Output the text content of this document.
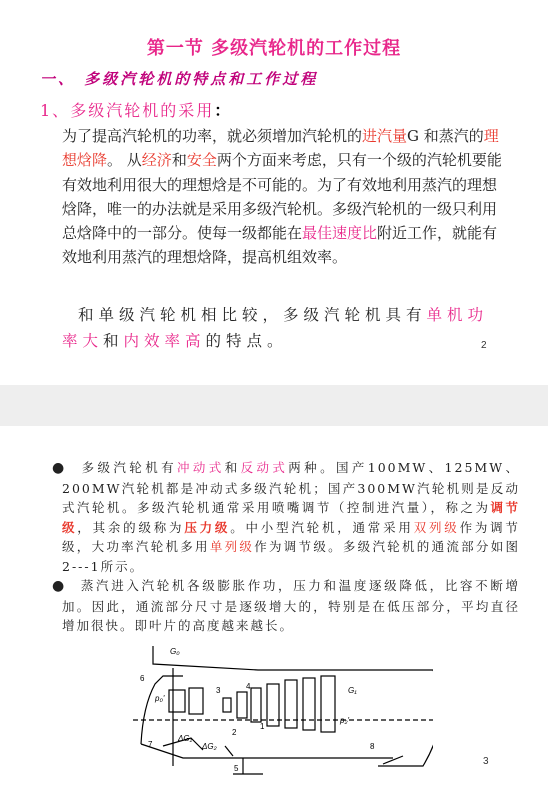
第一节 多级汽轮机的工作过程
一、 多级汽轮机的特点和工作过程
1、多级汽轮机的采用：
为了提高汽轮机的功率，就必须增加汽轮机的进汽量G 和蒸汽的理想焓降。 从经济和安全两个方面来考虑，只有一个级的汽轮机要能有效地利用很大的理想焓是不可能的。为了有效地利用蒸汽的理想焓降，唯一的办法就是采用多级汽轮机。多级汽轮机的一级只利用总焓降中的一部分。使每一级都能在最佳速度比附近工作，就能有效地利用蒸汽的理想焓降，提高机组效率。
和单级汽轮机相比较，多级汽轮机具有单机功率大和内效率高的特点。	2
3
● 多级汽轮机有冲动式和反动式两种。国产100MW、125MW、200MW汽轮机都是冲动式多级汽轮机；国产300MW汽轮机则是反动式汽轮机。多级汽轮机通常采用喷嘴调节（控制进汽量），称之为调节级，其余的级称为压力级。中小型汽轮机，通常采用双列级作为调节级，大功率汽轮机多用单列级作为调节级。多级汽轮机的通流部分如图2---1所示。
● 蒸汽进入汽轮机各级膨胀作功，压力和温度逐级降低，比容不断增加。因此，通流部分尺寸是逐级增大的，特别是在低压部分，平均直径增加很快。即叶片的高度越来越长。
G₀
6
p₀'
3	4	G₁
p₂'
7
ΔG₁
ΔG₂
2
1
5
8
